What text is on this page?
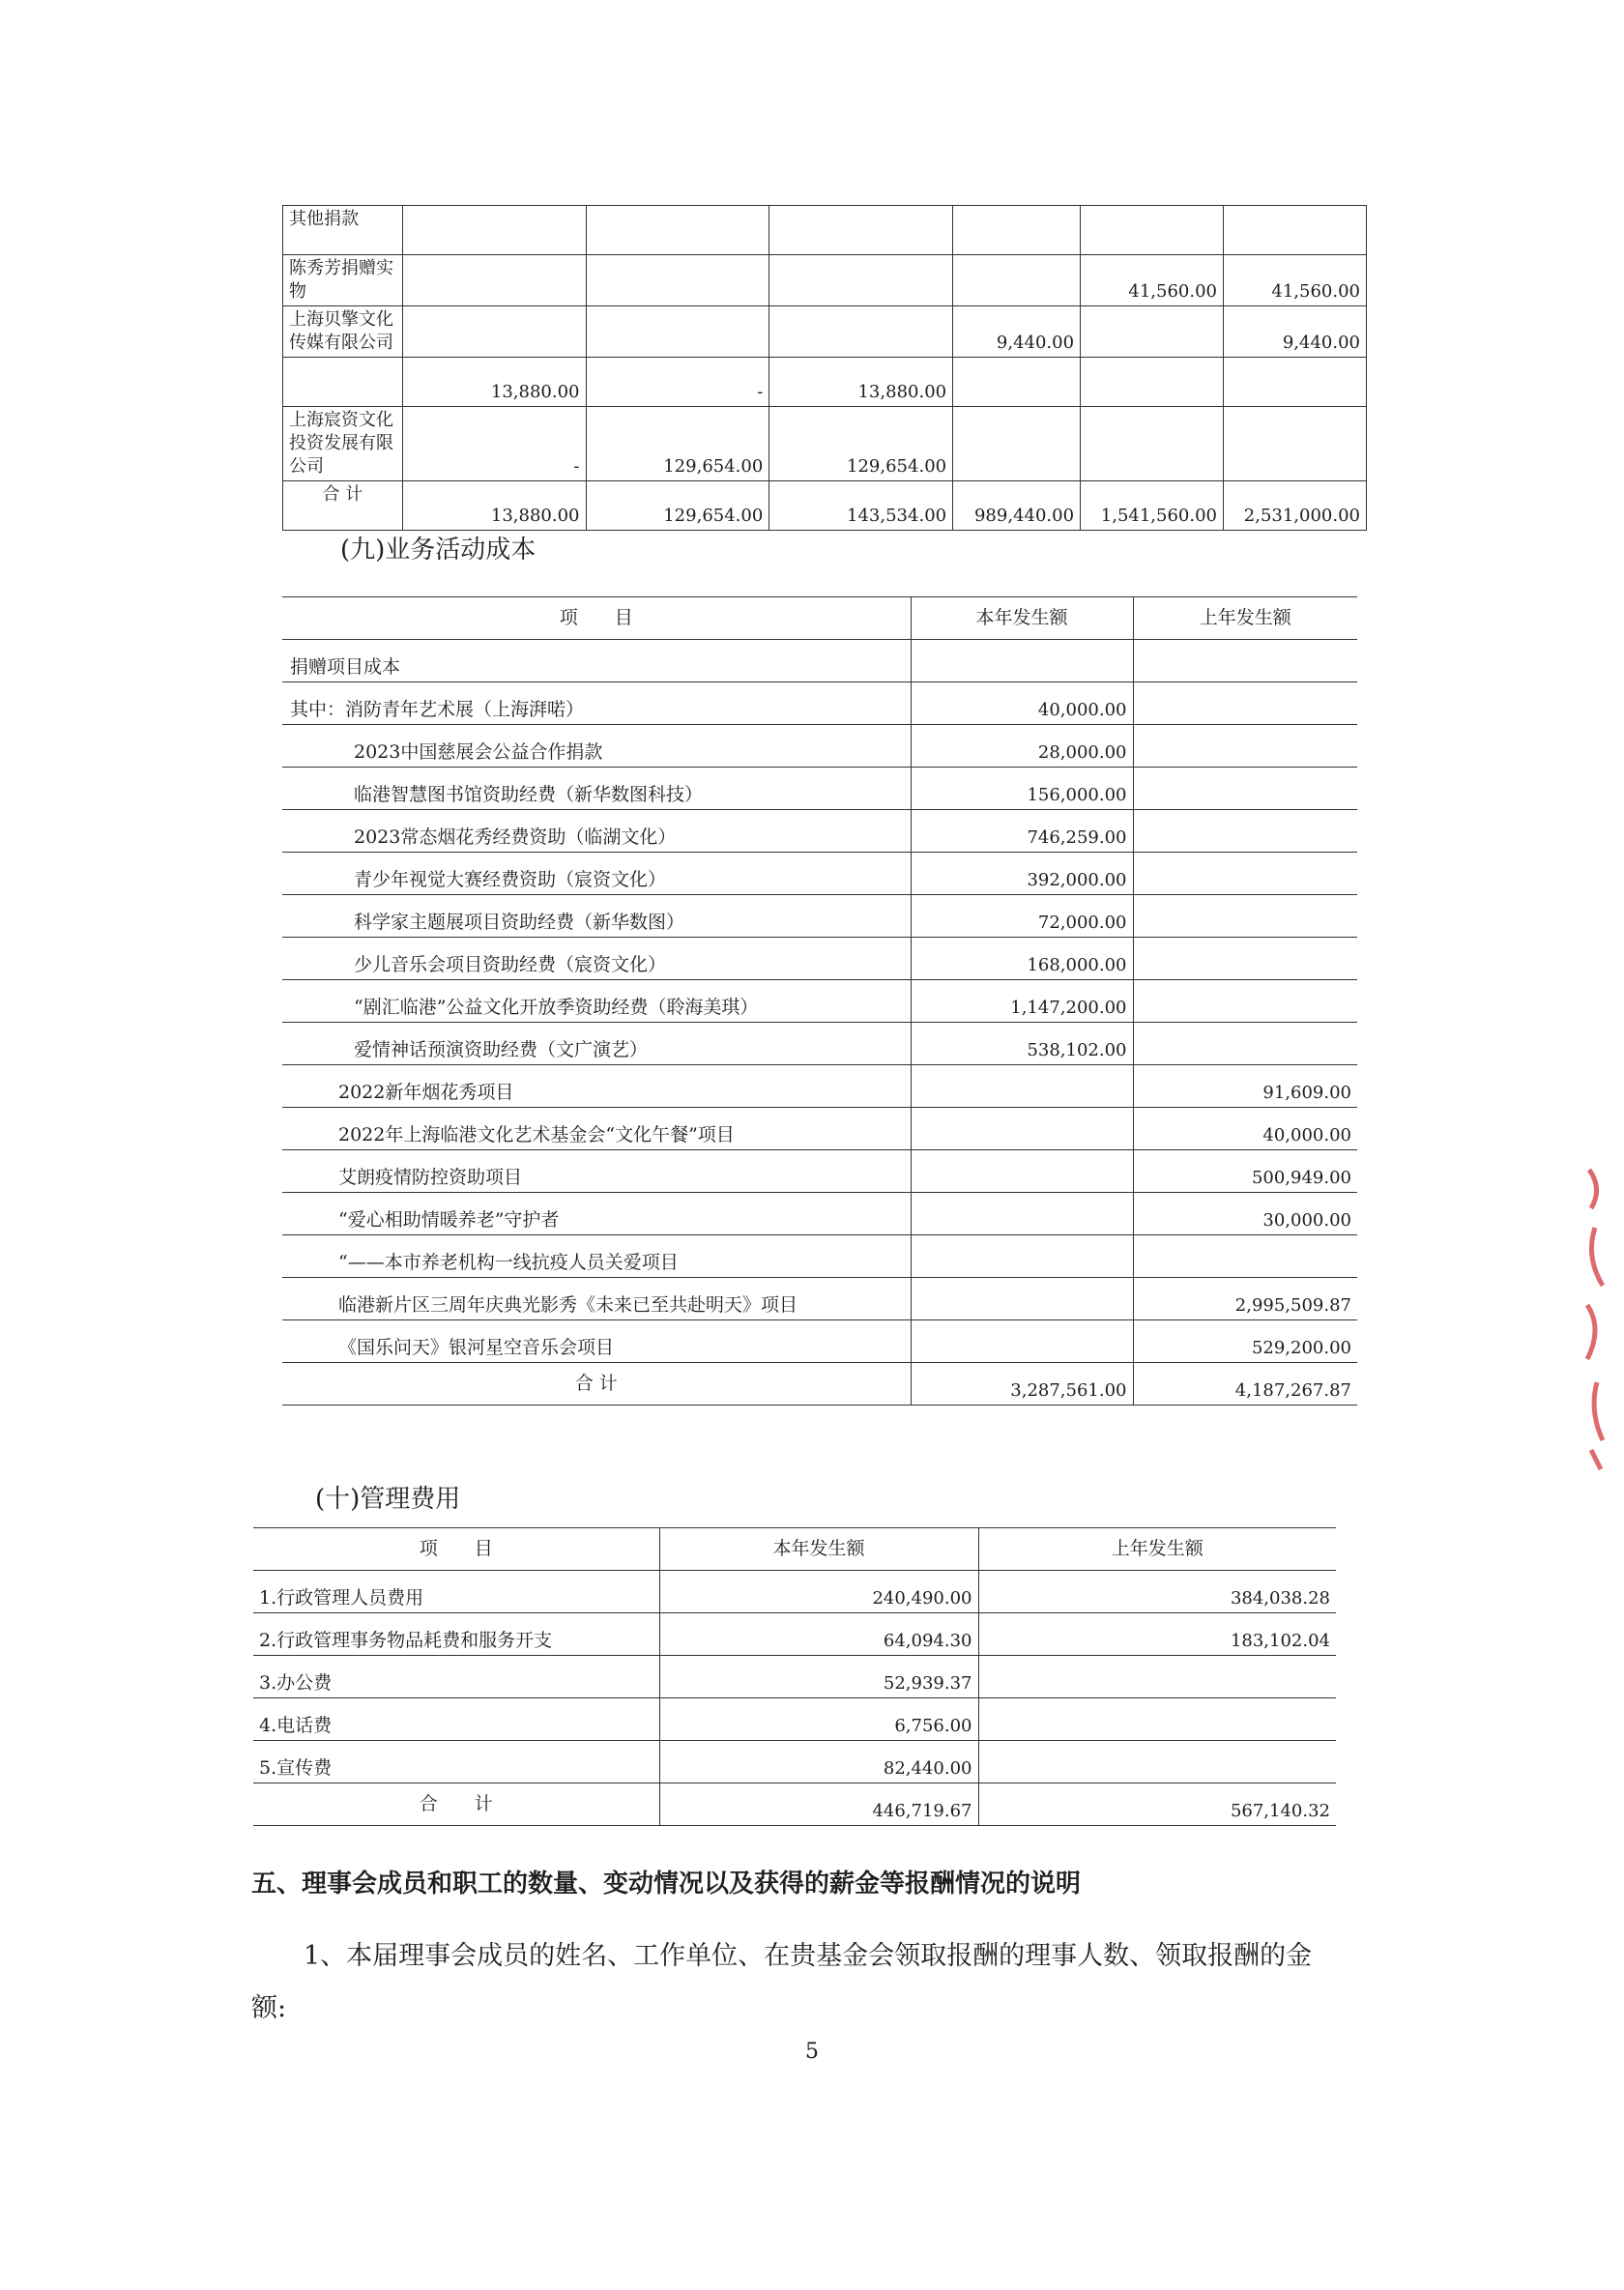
其他捐款						
陈秀芳捐赠实物					41,560.00	41,560.00
上海贝擎文化传媒有限公司				9,440.00		9,440.00
	13,880.00	-	13,880.00			
上海宸资文化投资发展有限公司	-	129,654.00	129,654.00			
合 计	13,880.00	129,654.00	143,534.00	989,440.00	1,541,560.00	2,531,000.00
(九)业务活动成本
项　　目	本年发生额	上年发生额
捐赠项目成本		
其中：消防青年艺术展（上海湃喏）	40,000.00	
2023中国慈展会公益合作捐款	28,000.00	
临港智慧图书馆资助经费（新华数图科技）	156,000.00	
2023常态烟花秀经费资助（临湖文化）	746,259.00	
青少年视觉大赛经费资助（宸资文化）	392,000.00	
科学家主题展项目资助经费（新华数图）	72,000.00	
少儿音乐会项目资助经费（宸资文化）	168,000.00	
“剧汇临港”公益文化开放季资助经费（聆海美琪）	1,147,200.00	
爱情神话预演资助经费（文广演艺）	538,102.00	
2022新年烟花秀项目		91,609.00
2022年上海临港文化艺术基金会“文化午餐”项目		40,000.00
艾朗疫情防控资助项目		500,949.00
“爱心相助情暖养老”守护者		30,000.00
“——本市养老机构一线抗疫人员关爱项目		
临港新片区三周年庆典光影秀《未来已至共赴明天》项目		2,995,509.87
《国乐问天》银河星空音乐会项目		529,200.00
合 计	3,287,561.00	4,187,267.87
(十)管理费用
项　　目	本年发生额	上年发生额
1.行政管理人员费用	240,490.00	384,038.28
2.行政管理事务物品耗费和服务开支	64,094.30	183,102.04
3.办公费	52,939.37	
4.电话费	6,756.00	
5.宣传费	82,440.00	
合　　计	446,719.67	567,140.32
五、理事会成员和职工的数量、变动情况以及获得的薪金等报酬情况的说明
1、本届理事会成员的姓名、工作单位、在贵基金会领取报酬的理事人数、领取报酬的金额:
5
